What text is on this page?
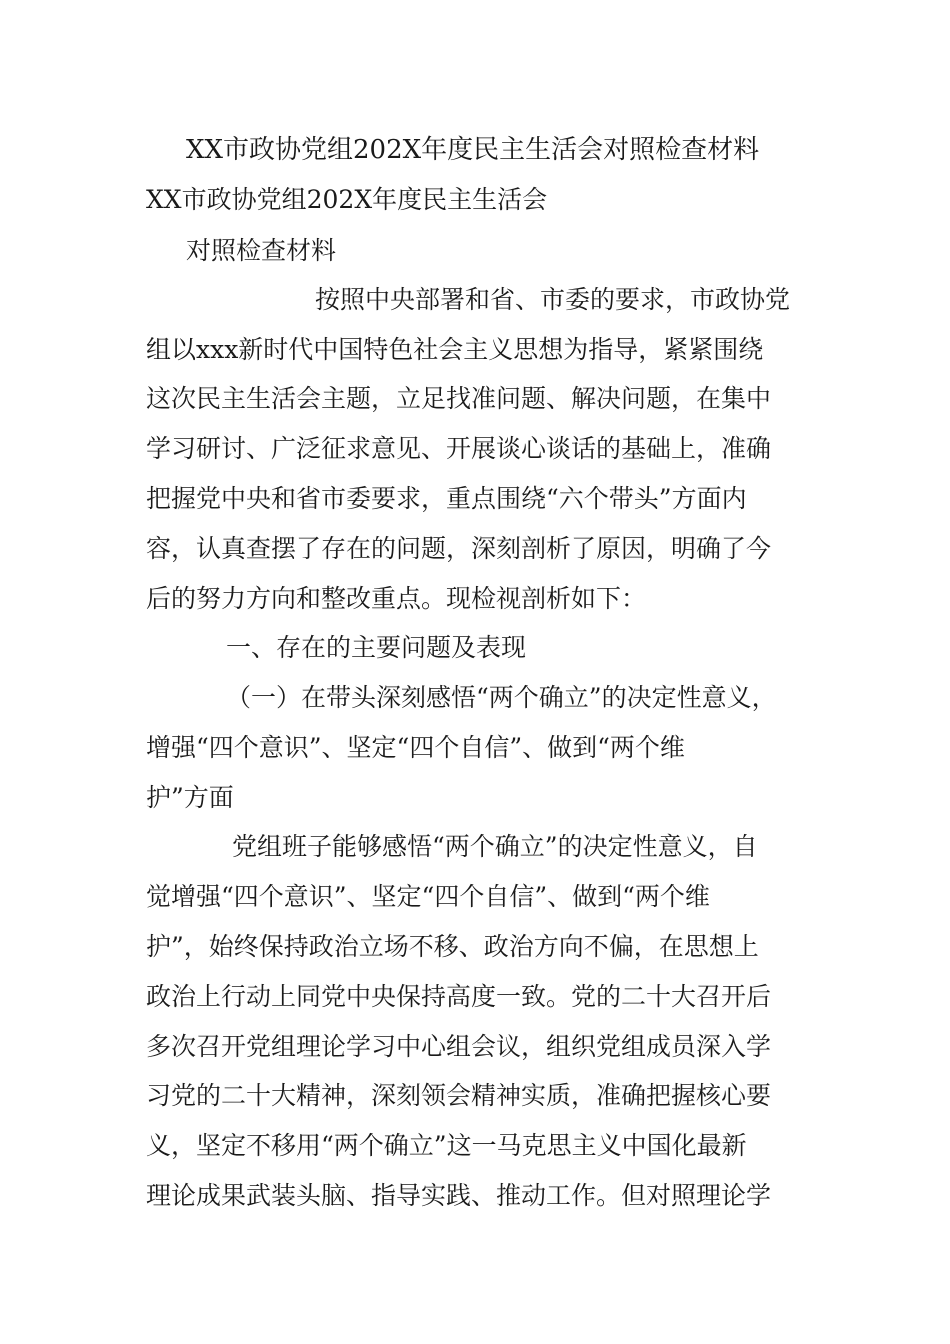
XX市政协党组202X年度民主生活会对照检查材料
XX市政协党组202X年度民主生活会
对照检查材料
按照中央部署和省、市委的要求，市政协党
组以xxx新时代中国特色社会主义思想为指导，紧紧围绕
这次民主生活会主题，立足找准问题、解决问题，在集中
学习研讨、广泛征求意见、开展谈心谈话的基础上，准确
把握党中央和省市委要求，重点围绕“六个带头”方面内
容，认真查摆了存在的问题，深刻剖析了原因，明确了今
后的努力方向和整改重点。现检视剖析如下：
一、存在的主要问题及表现
（一）在带头深刻感悟“两个确立”的决定性意义，
增强“四个意识”、坚定“四个自信”、做到“两个维
护”方面
党组班子能够感悟“两个确立”的决定性意义，自
觉增强“四个意识”、坚定“四个自信”、做到“两个维
护”，始终保持政治立场不移、政治方向不偏，在思想上
政治上行动上同党中央保持高度一致。党的二十大召开后
多次召开党组理论学习中心组会议，组织党组成员深入学
习党的二十大精神，深刻领会精神实质，准确把握核心要
义，坚定不移用“两个确立”这一马克思主义中国化最新
理论成果武装头脑、指导实践、推动工作。但对照理论学
